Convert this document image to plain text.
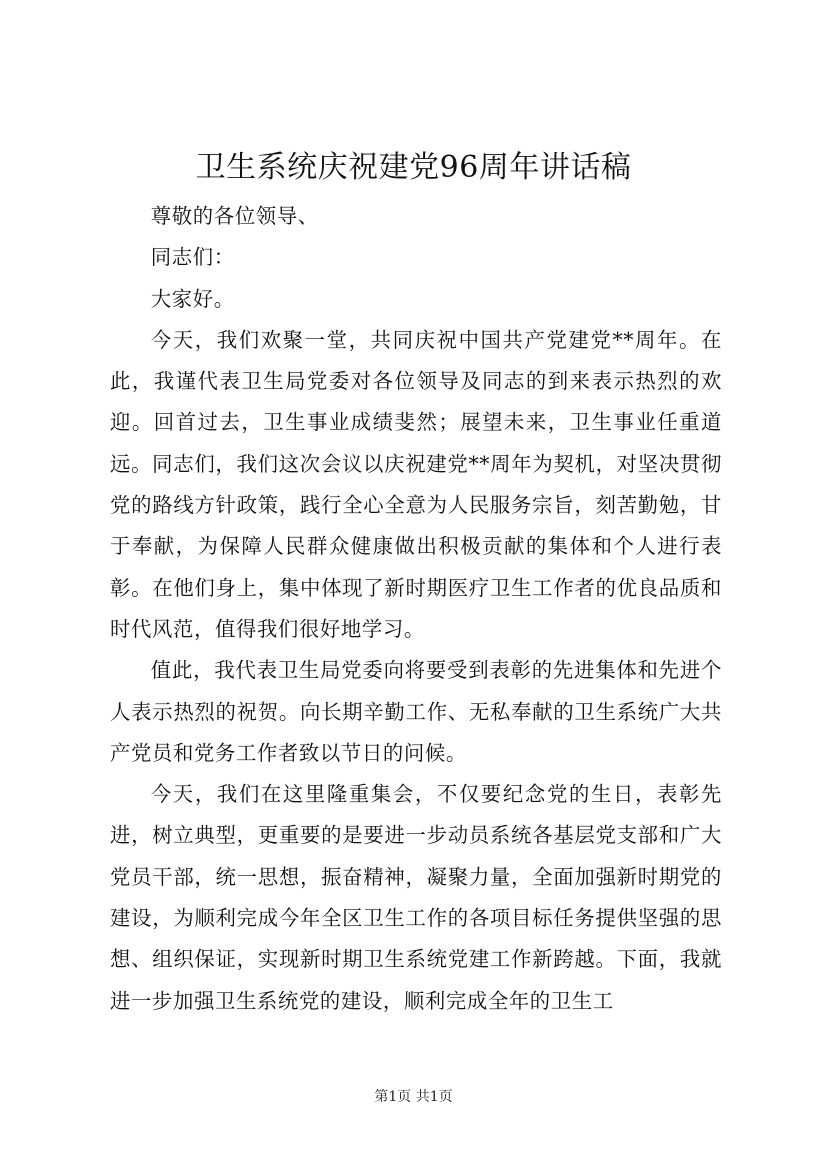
卫生系统庆祝建党96周年讲话稿

尊敬的各位领导、

同志们：

大家好。

今天，我们欢聚一堂，共同庆祝中国共产党建党**周年。在此，我谨代表卫生局党委对各位领导及同志的到来表示热烈的欢迎。回首过去，卫生事业成绩斐然；展望未来，卫生事业任重道远。同志们，我们这次会议以庆祝建党**周年为契机，对坚决贯彻党的路线方针政策，践行全心全意为人民服务宗旨，刻苦勤勉，甘于奉献，为保障人民群众健康做出积极贡献的集体和个人进行表彰。在他们身上，集中体现了新时期医疗卫生工作者的优良品质和时代风范，值得我们很好地学习。

值此，我代表卫生局党委向将要受到表彰的先进集体和先进个人表示热烈的祝贺。向长期辛勤工作、无私奉献的卫生系统广大共产党员和党务工作者致以节日的问候。

今天，我们在这里隆重集会，不仅要纪念党的生日，表彰先进，树立典型，更重要的是要进一步动员系统各基层党支部和广大党员干部，统一思想，振奋精神，凝聚力量，全面加强新时期党的建设，为顺利完成今年全区卫生工作的各项目标任务提供坚强的思想、组织保证，实现新时期卫生系统党建工作新跨越。下面，我就进一步加强卫生系统党的建设，顺利完成全年的卫生工

第1页 共1页
